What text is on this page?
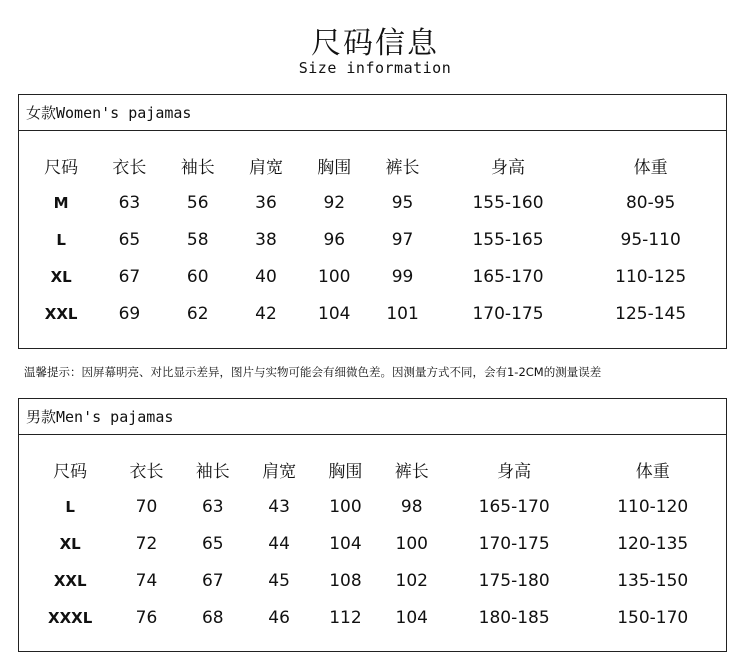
尺码信息
Size information
女款Women's pajamas
尺码	衣长	袖长	肩宽	胸围	裤长	身高	体重
M	63	56	36	92	95	155-160	80-95
L	65	58	38	96	97	155-165	95-110
XL	67	60	40	100	99	165-170	110-125
XXL	69	62	42	104	101	170-175	125-145
温馨提示：因屏幕明亮、对比显示差异，图片与实物可能会有细微色差。因测量方式不同，会有1-2CM的测量误差
男款Men's pajamas
尺码	衣长	袖长	肩宽	胸围	裤长	身高	体重
L	70	63	43	100	98	165-170	110-120
XL	72	65	44	104	100	170-175	120-135
XXL	74	67	45	108	102	175-180	135-150
XXXL	76	68	46	112	104	180-185	150-170
